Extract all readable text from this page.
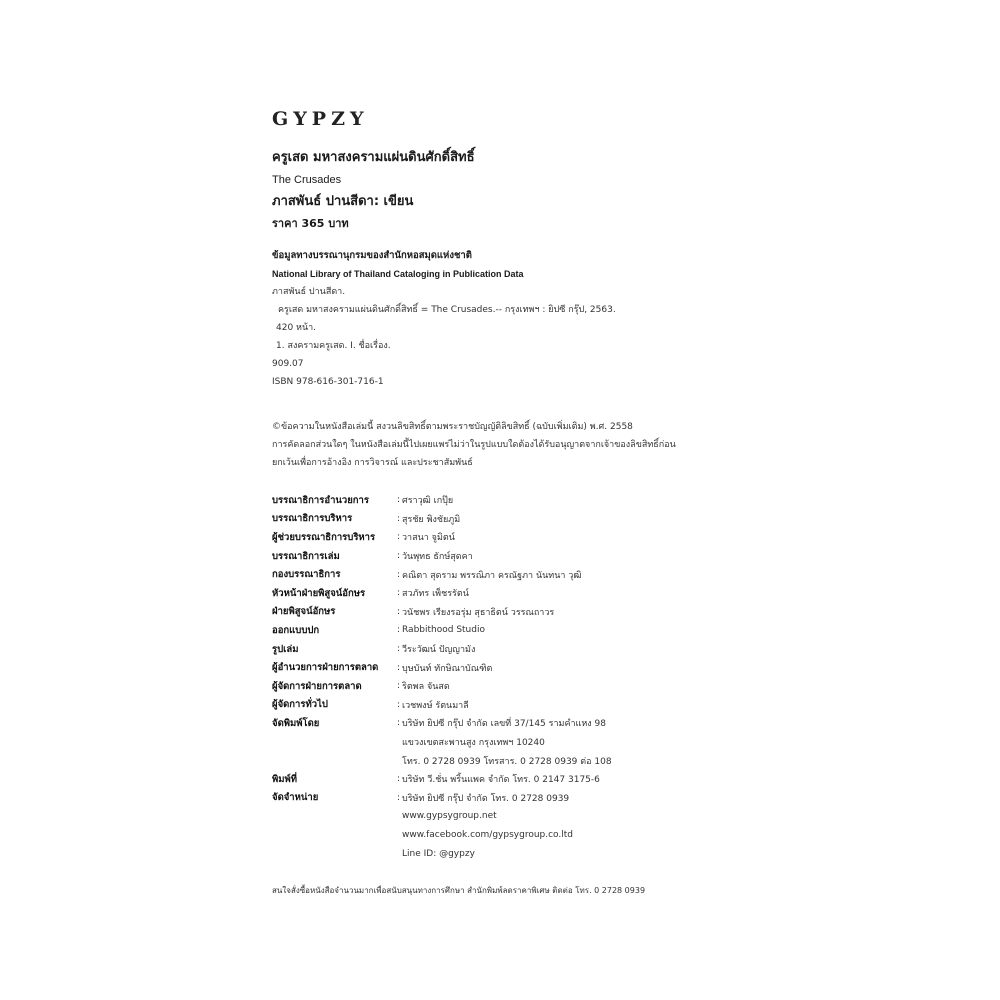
GYPZY

ครูเสด มหาสงครามแผ่นดินศักดิ์สิทธิ์

The Crusades

ภาสพันธ์ ปานสีดา: เขียน

ราคา 365 บาท

ข้อมูลทางบรรณานุกรมของสำนักหอสมุดแห่งชาติ

National Library of Thailand Cataloging in Publication Data

ภาสพันธ์ ปานสีดา.

ครูเสด มหาสงครามแผ่นดินศักดิ์สิทธิ์ = The Crusades.-- กรุงเทพฯ : ยิปซี กรุ๊ป, 2563.

420 หน้า.

1. สงครามครูเสด. I. ชื่อเรื่อง.

909.07

ISBN 978-616-301-716-1

©ข้อความในหนังสือเล่มนี้ สงวนลิขสิทธิ์ตามพระราชบัญญัติลิขสิทธิ์ (ฉบับเพิ่มเติม) พ.ศ. 2558

การคัดลอกส่วนใดๆ ในหนังสือเล่มนี้ไปเผยแพร่ไม่ว่าในรูปแบบใดต้องได้รับอนุญาตจากเจ้าของลิขสิทธิ์ก่อน

ยกเว้นเพื่อการอ้างอิง การวิจารณ์ และประชาสัมพันธ์

บรรณาธิการอำนวยการ	: ศราวุฒิ เกปุ๊ย
บรรณาธิการบริหาร	: สุรชัย พิงชัยภูมิ
ผู้ช่วยบรรณาธิการบริหาร	: วาสนา จูมิตน์
บรรณาธิการเล่ม	: วันพุทธ ธักษ์สุดคา
กองบรรณาธิการ	: คณิตา สุดราม พรรณิภา ครณัฐภา นันทนา วุฒิ
หัวหน้าฝ่ายพิสูจน์อักษร	: สวภัทร เพ็ชรรัตน์
ฝ่ายพิสูจน์อักษร	: วนัชพร เรียงรอรุ่ม สุธาธิตน์ วรรณถาวร
ออกแบบปก	: Rabbithood Studio
รูปเล่ม	: วีระวัฒน์ ปัญญามัง
ผู้อำนวยการฝ่ายการตลาด	: บุษบันท์ ทักษิณาบัณฑิต
ผู้จัดการฝ่ายการตลาด	: ริตพล จันสด
ผู้จัดการทั่วไป	: เวชพงษ์ รัตนมาลี
จัดพิมพ์โดย	: บริษัท ยิปซี กรุ๊ป จำกัด เลขที่ 37/145 รามคำแหง 98
แขวงเขตสะพานสูง กรุงเทพฯ 10240
โทร. 0 2728 0939 โทรสาร. 0 2728 0939 ต่อ 108
พิมพ์ที่	: บริษัท วี.ชั่น พริ้นแพค จำกัด โทร. 0 2147 3175-6
จัดจำหน่าย	: บริษัท ยิปซี กรุ๊ป จำกัด โทร. 0 2728 0939
www.gypsygroup.net
www.facebook.com/gypsygroup.co.ltd
Line ID: @gypzy

สนใจสั่งซื้อหนังสือจำนวนมากเพื่อสนับสนุนทางการศึกษา สำนักพิมพ์ลดราคาพิเศษ ติดต่อ โทร. 0 2728 0939
